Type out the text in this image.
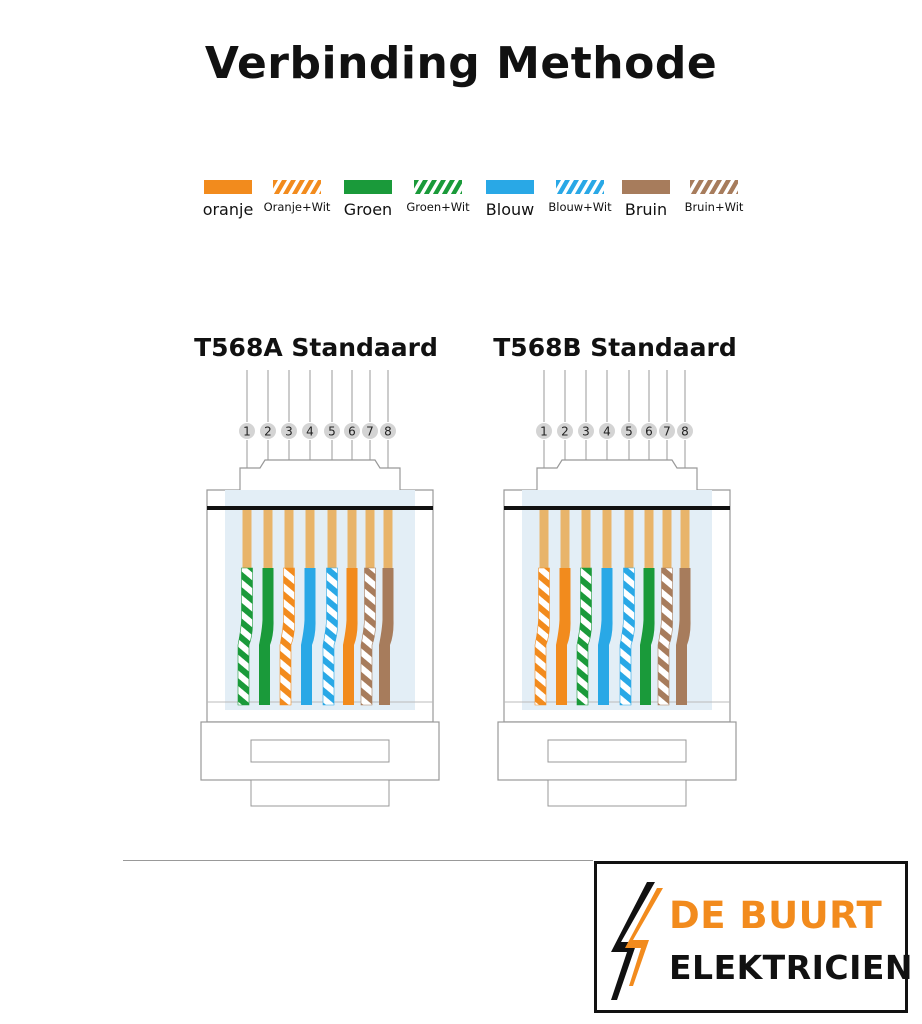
Verbinding Methode
oranje Oranje+Wit Groen	Groen+Wit	Blouw	Blouw+Wit Bruin	Bruin+Wit
T568A Standaard	T568B Standaard
1 2 3 4 5 6 7 8	1 2 3 4 5 6 7 8
DE BUURT
ELEKTRICIEN
